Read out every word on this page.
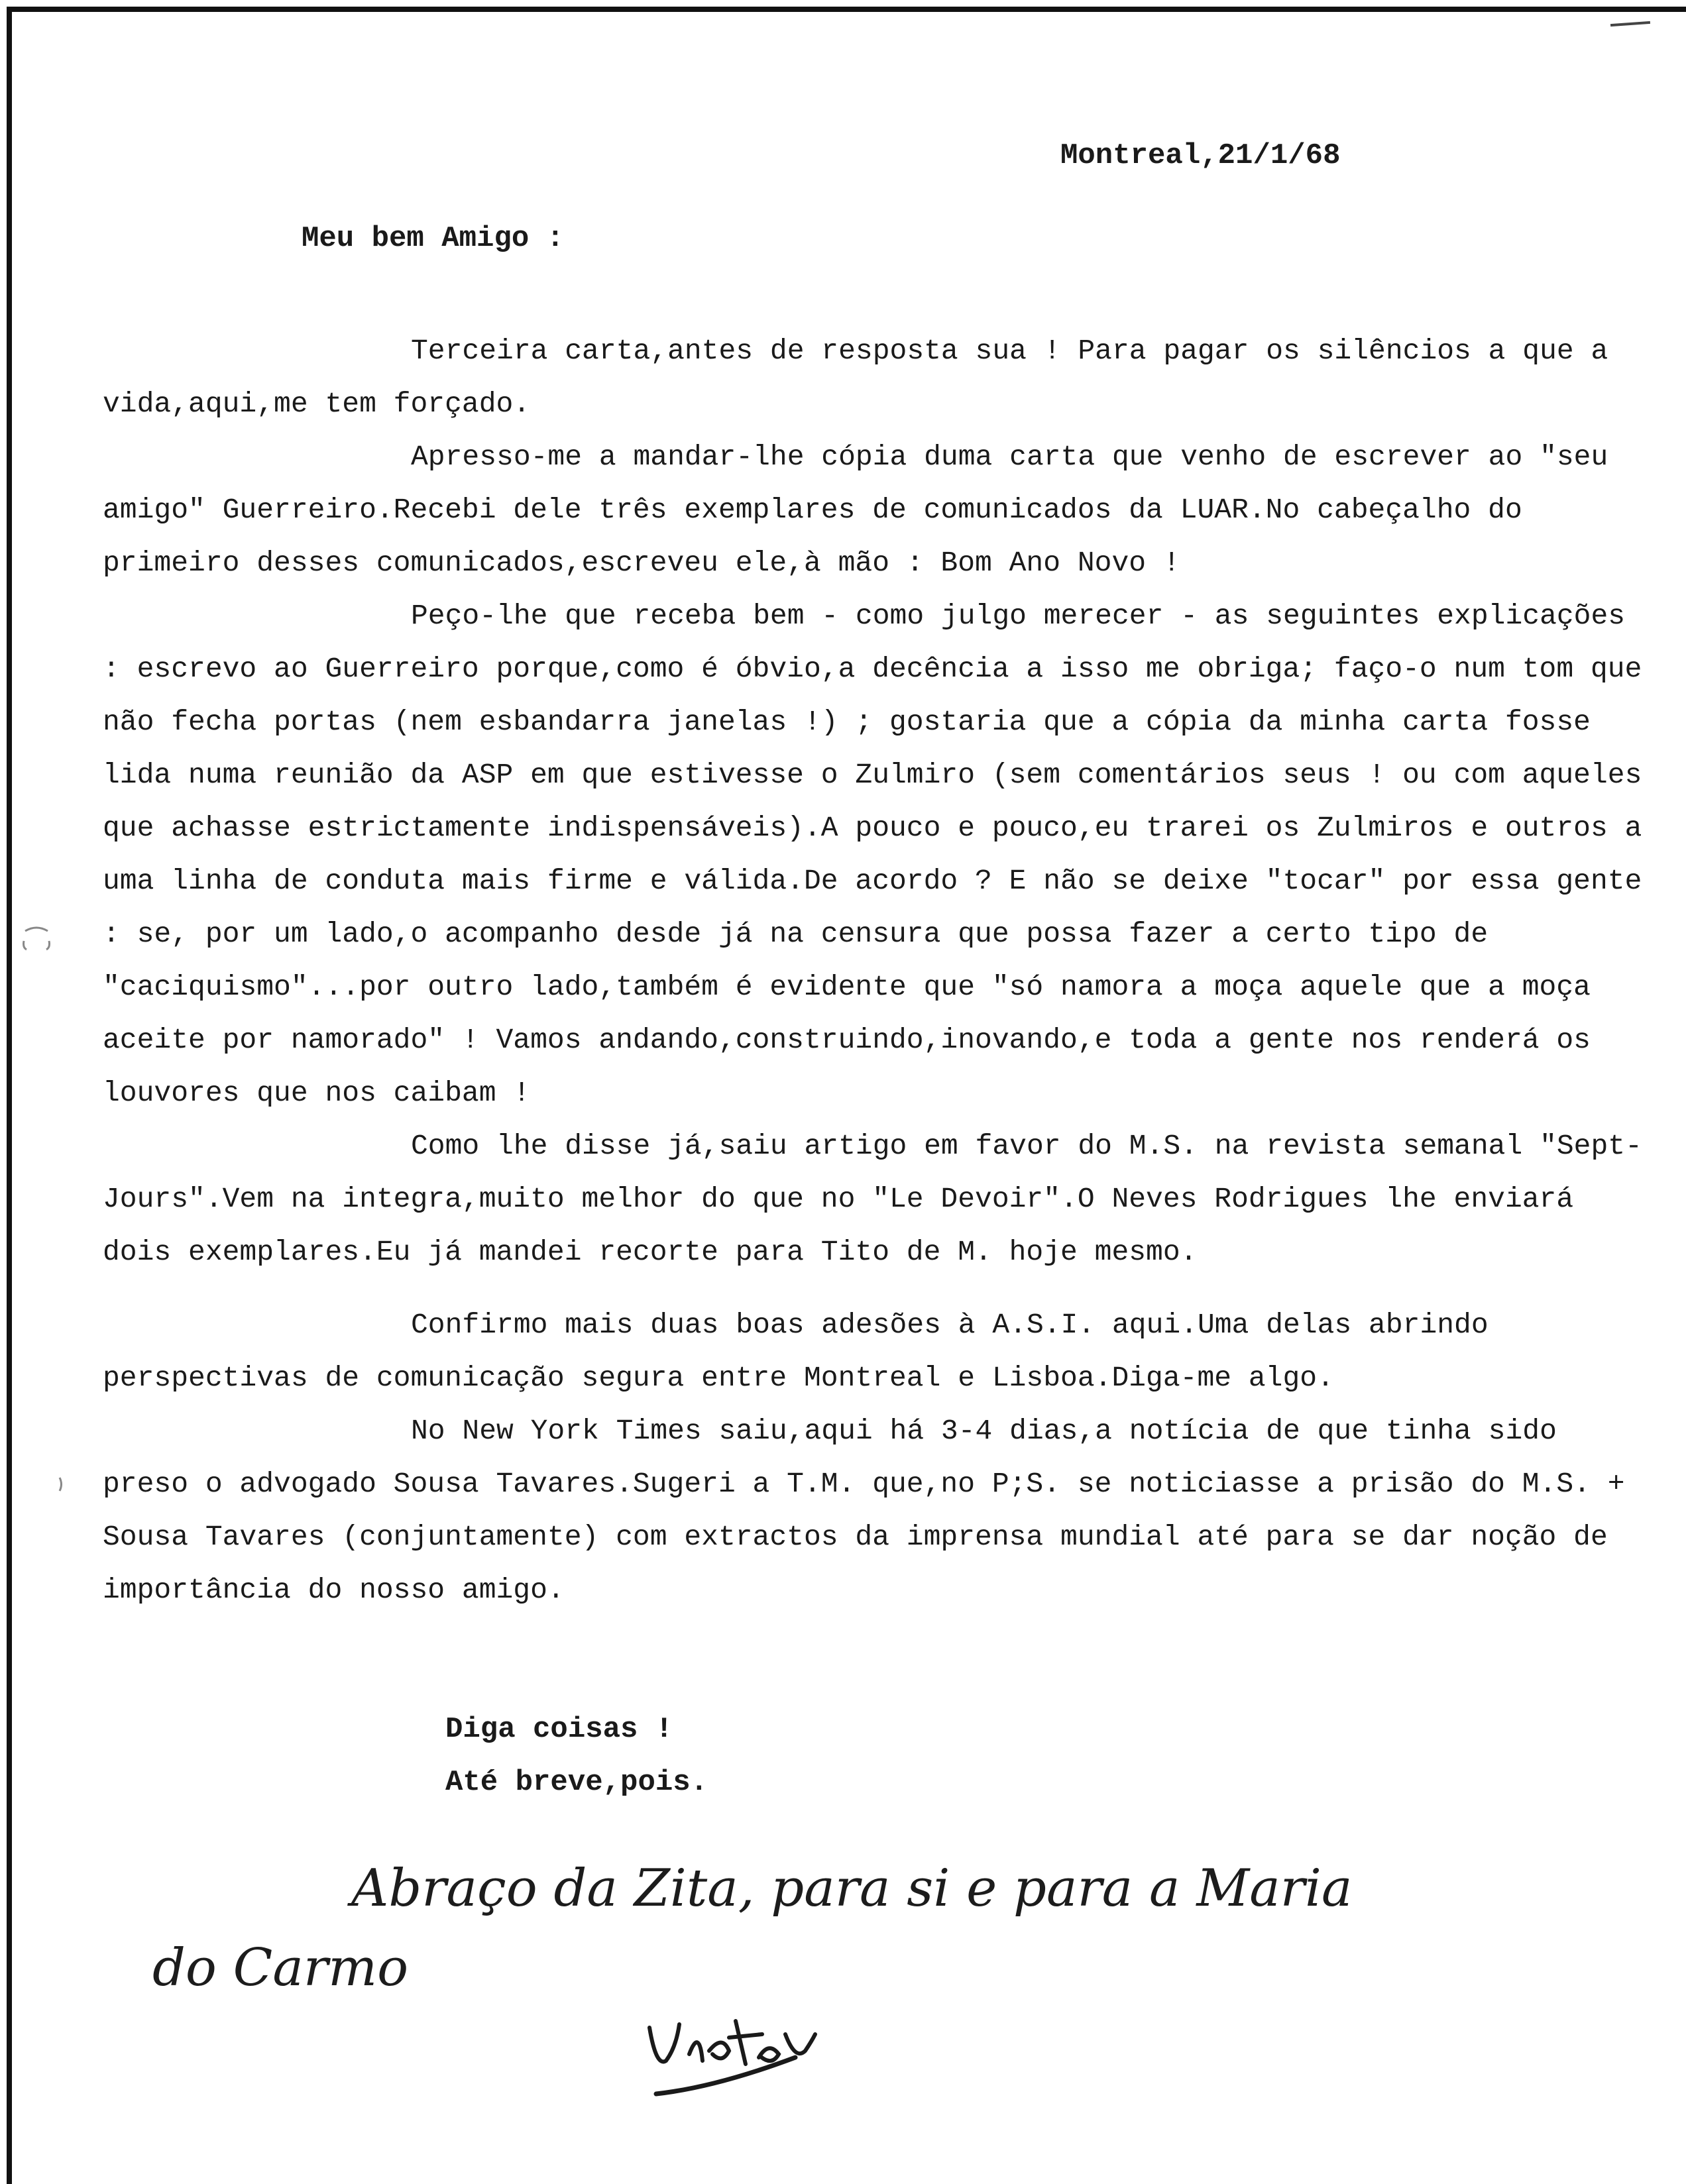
Montreal,21/1/68
Meu bem Amigo :

Terceira carta,antes de resposta sua ! Para pagar os silêncios a que a vida,aqui,me tem forçado.

Apresso-me a mandar-lhe cópia duma carta que venho de escrever ao "seu amigo" Guerreiro.Recebi dele três exemplares de comunicados da LUAR.No cabeçalho do primeiro desses comunicados,escreveu ele,à mão : Bom Ano Novo !

Peço-lhe que receba bem - como julgo merecer - as seguintes explicações : escrevo ao Guerreiro porque,como é óbvio,a decência a isso me obriga; faço-o num tom que não fecha portas (nem esbandarra janelas !) ; gostaria que a cópia da minha carta fosse lida numa reunião da ASP em que estivesse o Zulmiro (sem comentários seus ! ou com aqueles que achasse estrictamente indispensáveis).A pouco e pouco,eu trarei os Zulmiros e outros a uma linha de conduta mais firme e válida.De acordo ? E não se deixe "tocar" por essa gente : se, por um lado,o acompanho desde já na censura que possa fazer a certo tipo de "caciquismo"...por outro lado,também é evidente que "só namora a moça aquele que a moça aceite por namorado" ! Vamos andando,construindo,inovando,e toda a gente nos renderá os louvores que nos caibam !

Como lhe disse já,saiu artigo em favor do M.S. na revista semanal "Sept-Jours".Vem na integra,muito melhor do que no "Le Devoir".O Neves Rodrigues lhe enviará dois exemplares.Eu já mandei recorte para Tito de M. hoje mesmo.

Confirmo mais duas boas adesões à A.S.I. aqui.Uma delas abrindo perspectivas de comunicação segura entre Montreal e Lisboa.Diga-me algo.

No New York Times saiu,aqui há 3-4 dias,a notícia de que tinha sido preso o advogado Sousa Tavares.Sugeri a T.M. que,no P;S. se noticiasse a prisão do M.S. + Sousa Tavares (conjuntamente) com extractos da imprensa mundial até para se dar noção de importância do nosso amigo.

Diga coisas !
Até breve,pois.
Abraço da Zita, para si e para a Maria
do Carmo
